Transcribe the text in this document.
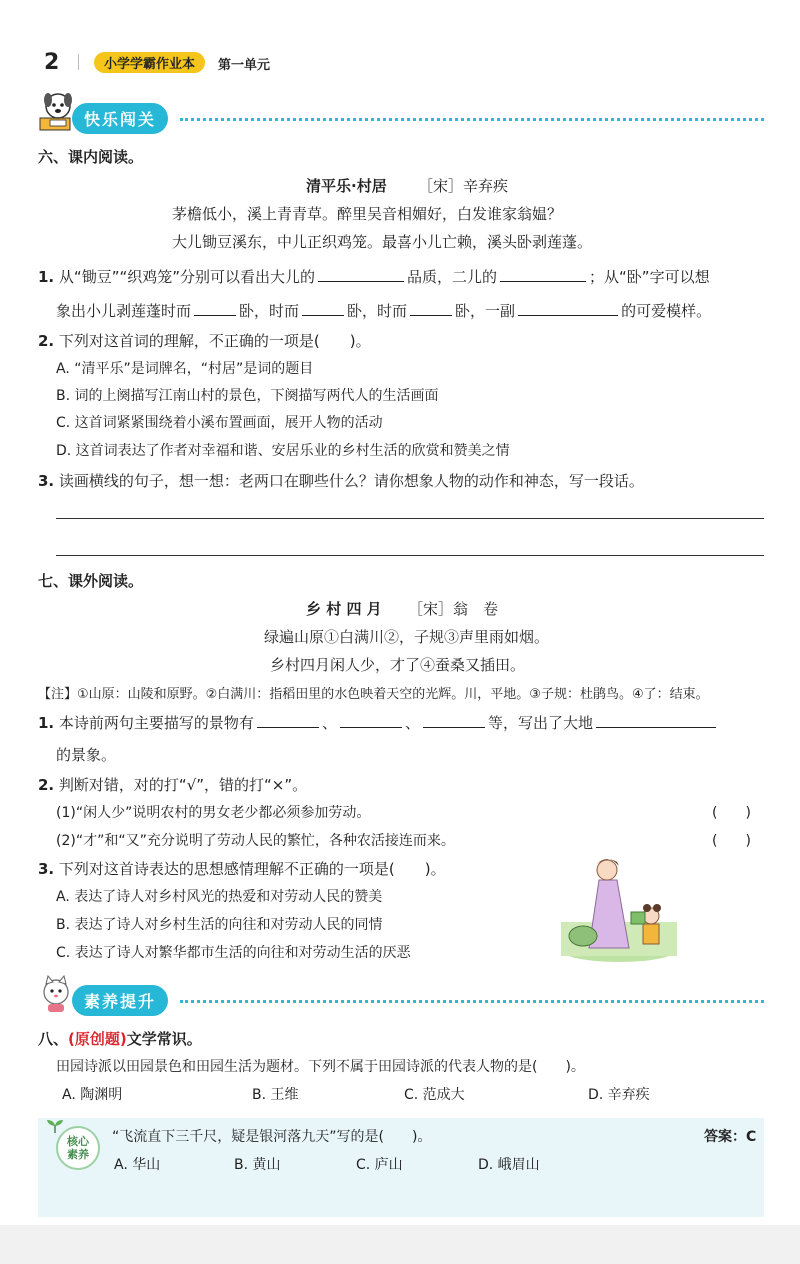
2	小学学霸作业本	第一单元
快乐闯关
六、课内阅读。
清平乐·村居 ［宋］辛弃疾
茅檐低小，溪上青青草。醉里吴音相媚好，白发谁家翁媪？
大儿锄豆溪东，中儿正织鸡笼。最喜小儿亡赖，溪头卧剥莲蓬。
1. 从“锄豆”“织鸡笼”分别可以看出大儿的	品质，二儿的	；从“卧”字可以想
象出小儿剥莲蓬时而	卧，时而	卧，时而	卧，一副	的可爱模样。
2. 下列对这首词的理解，不正确的一项是(　　)。
A. “清平乐”是词牌名，“村居”是词的题目
B. 词的上阕描写江南山村的景色，下阕描写两代人的生活画面
C. 这首词紧紧围绕着小溪布置画面，展开人物的活动
D. 这首词表达了作者对幸福和谐、安居乐业的乡村生活的欣赏和赞美之情
3. 读画横线的句子，想一想：老两口在聊些什么？请你想象人物的动作和神态，写一段话。
七、课外阅读。
乡 村 四 月 ［宋］翁　卷
绿遍山原①白满川②，子规③声里雨如烟。
乡村四月闲人少，才了④蚕桑又插田。
【注】①山原：山陵和原野。②白满川：指稻田里的水色映着天空的光辉。川，平地。③子规：杜鹃鸟。④了：结束。
1. 本诗前两句主要描写的景物有	、	、	等，写出了大地
的景象。
2. 判断对错，对的打“√”，错的打“×”。
(1)“闲人少”说明农村的男女老少都必须参加劳动。	(　　)
(2)“才”和“又”充分说明了劳动人民的繁忙，各种农活接连而来。	(　　)
3. 下列对这首诗表达的思想感情理解不正确的一项是(　　)。
A. 表达了诗人对乡村风光的热爱和对劳动人民的赞美
B. 表达了诗人对乡村生活的向往和对劳动人民的同情
C. 表达了诗人对繁华都市生活的向往和对劳动生活的厌恶
素养提升
八、(原创题)文学常识。
田园诗派以田园景色和田园生活为题材。下列不属于田园诗派的代表人物的是(　　)。
A. 陶渊明	B. 王维	C. 范成大	D. 辛弃疾
核心
素养
“飞流直下三千尺，疑是银河落九天”写的是(　　)。	答案：C
A. 华山	B. 黄山	C. 庐山	D. 峨眉山
